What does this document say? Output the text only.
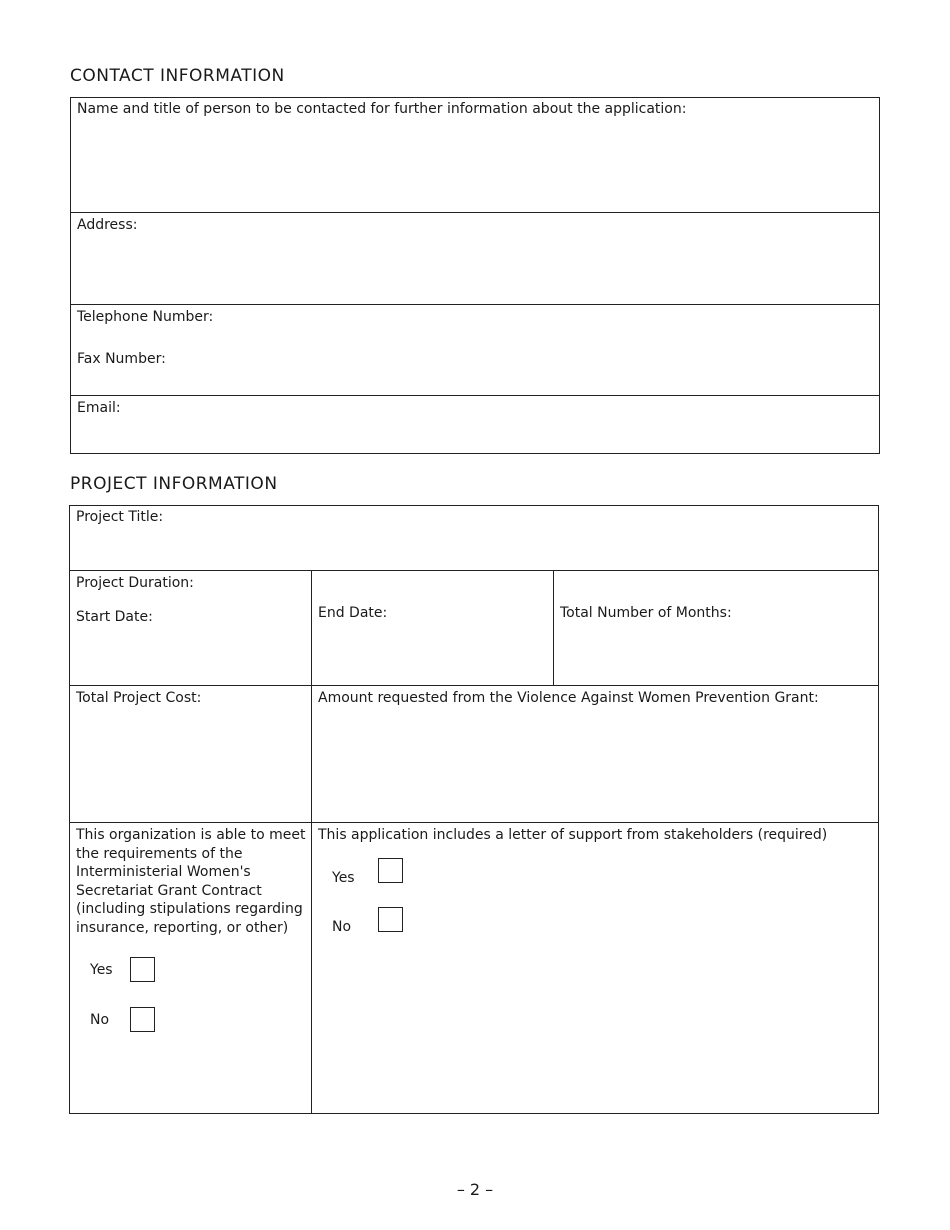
CONTACT INFORMATION
Name and title of person to be contacted for further information about the application:
Address:
Telephone Number:
Fax Number:
Email:
PROJECT INFORMATION
Project Title:
Project Duration:
Start Date:	End Date:	Total Number of Months:
Total Project Cost:	Amount requested from the Violence Against Women Prevention Grant:
This organization is able to meet the requirements of the Interministerial Women's Secretariat Grant Contract (including stipulations regarding insurance, reporting, or other)
Yes
No
This application includes a letter of support from stakeholders (required)
Yes
No
– 2 –
